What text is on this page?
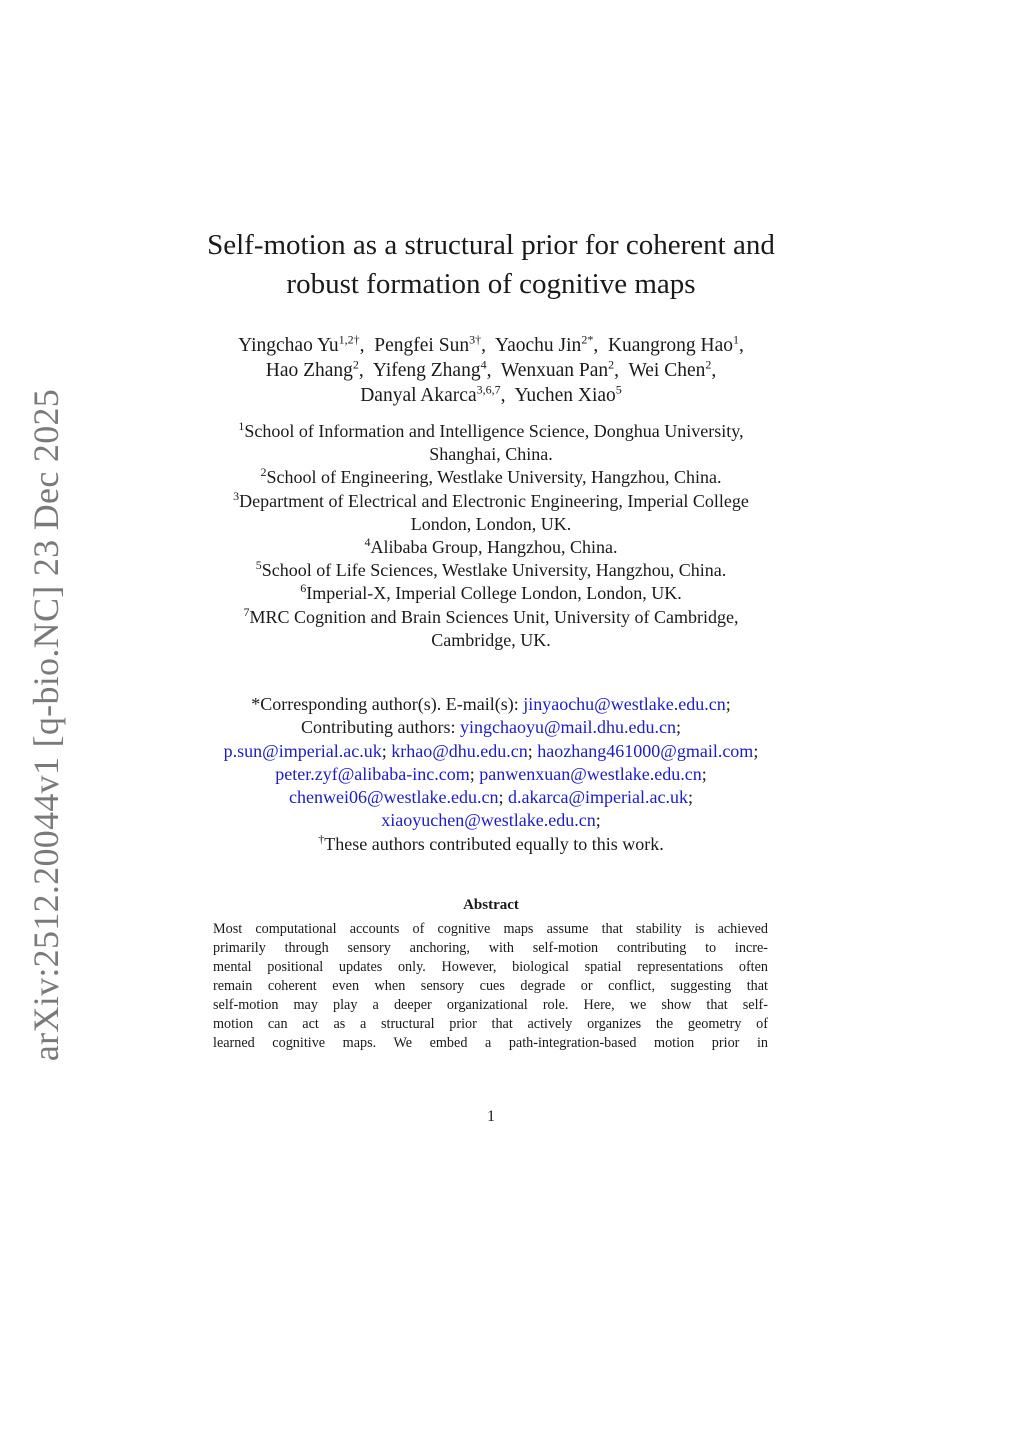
arXiv:2512.20044v1 [q-bio.NC] 23 Dec 2025
Self-motion as a structural prior for coherent and
robust formation of cognitive maps
Yingchao $Yu^{1,2\dagger}$,  Pengfei Sun$^{3\dagger}$,  Yaochu Jin$^{2*}$,  Kuangrong Hao$^1$,
Hao Zhang$^2$,  Yifeng Zhang$^4$,  Wenxuan Pan$^2$,  Wei Chen$^2$,
Danyal Akarca$^{3,6,7}$,  Yuchen Xiao$^5$
$^1$School of Information and Intelligence Science, Donghua University,
Shanghai, China.
$^2$School of Engineering, Westlake University, Hangzhou, China.
$^3$Department of Electrical and Electronic Engineering, Imperial College
London, London, UK.
$^4$Alibaba Group, Hangzhou, China.
$^5$School of Life Sciences, Westlake University, Hangzhou, China.
$^6$Imperial-X, Imperial College London, London, UK.
$^7$MRC Cognition and Brain Sciences Unit, University of Cambridge,
Cambridge, UK.
*Corresponding author(s). E-mail(s): jinyaochu@westlake.edu.cn;
Contributing authors: yingchaoyu@mail.dhu.edu.cn;
p.sun@imperial.ac.uk; krhao@dhu.edu.cn; haozhang461000@gmail.com;
peter.zyf@alibaba-inc.com; panwenxuan@westlake.edu.cn;
chenwei06@westlake.edu.cn; d.akarca@imperial.ac.uk;
xiaoyuchen@westlake.edu.cn;
†These authors contributed equally to this work.
Abstract
Most computational accounts of cognitive maps assume that stability is achieved
primarily through sensory anchoring, with self-motion contributing to incre-
mental positional updates only. However, biological spatial representations often
remain coherent even when sensory cues degrade or conflict, suggesting that
self-motion may play a deeper organizational role. Here, we show that self-
motion can act as a structural prior that actively organizes the geometry of
learned cognitive maps. We embed a path-integration-based motion prior in
1
